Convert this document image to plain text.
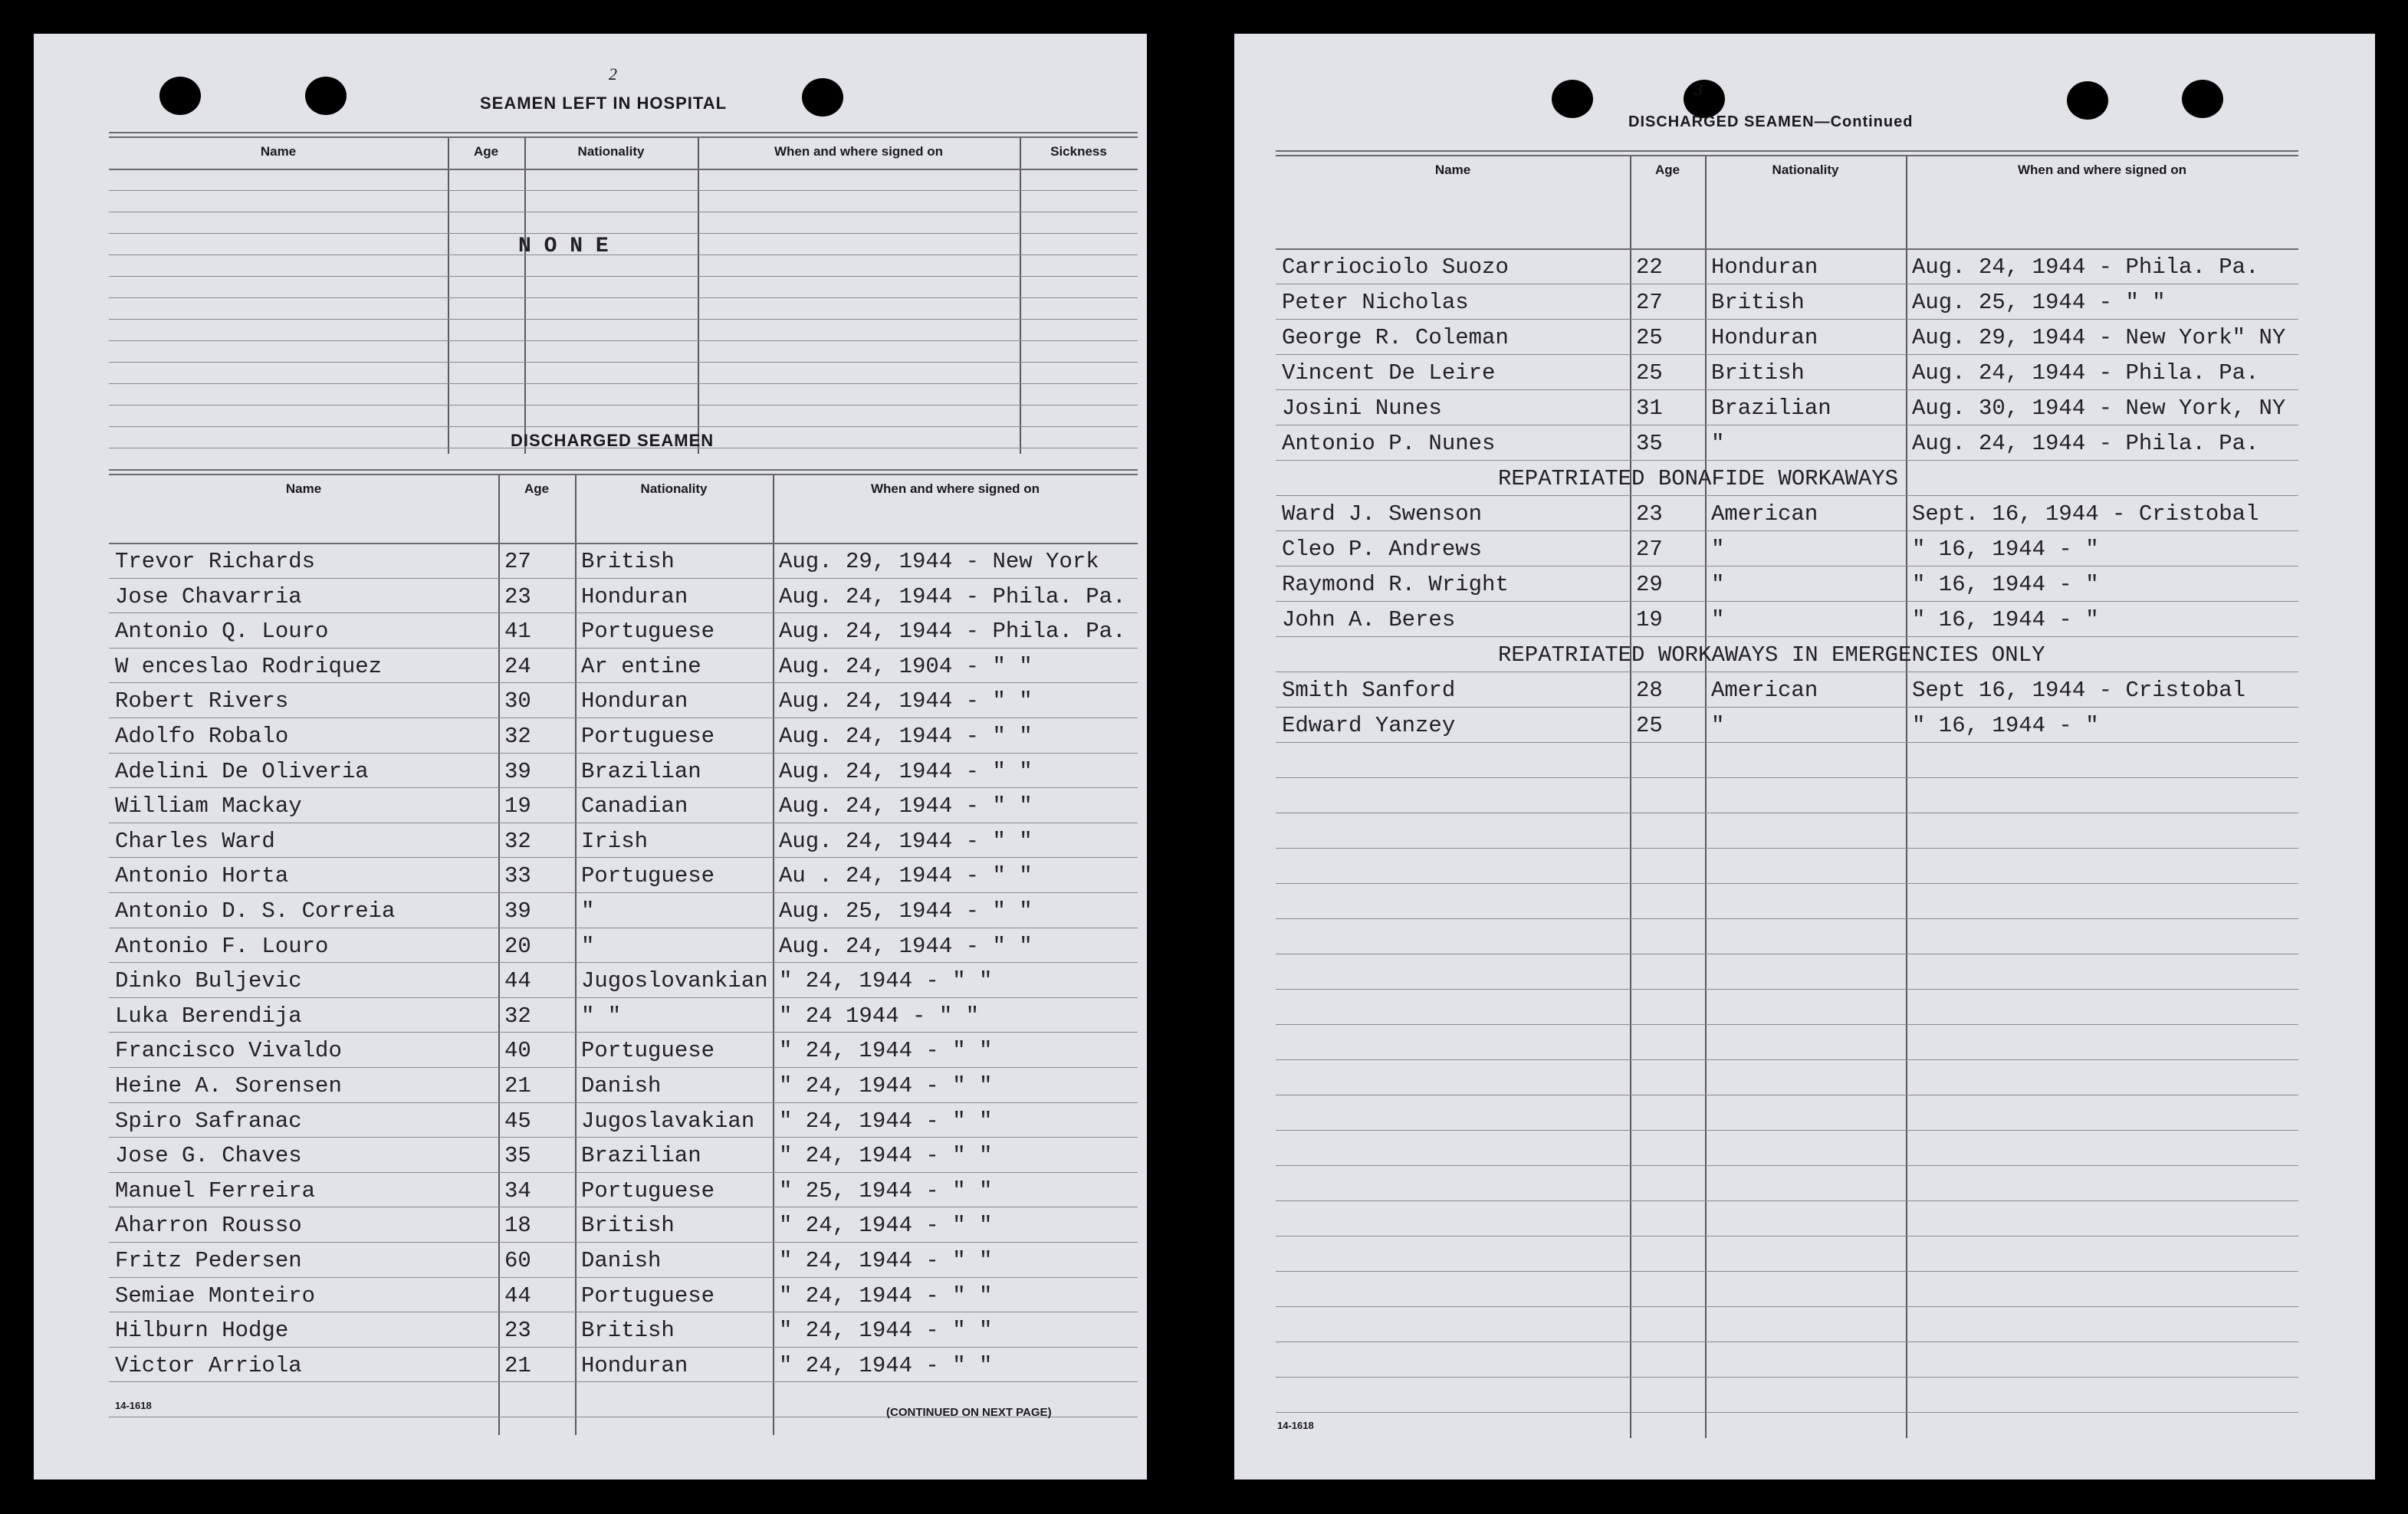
2
SEAMEN LEFT IN HOSPITAL
Name	Age	Nationality	When and where signed on	Sickness
N O N E
DISCHARGED SEAMEN
Name	Age	Nationality	When and where signed on
Trevor Richards	27 British	Aug. 29, 1944 - New York
Jose Chavarria	23 Honduran	Aug. 24, 1944 - Phila. Pa.
Antonio Q. Louro	41 Portuguese	Aug. 24, 1944 - Phila. Pa.
W enceslao Rodriquez	24 Ar entine	Aug. 24, 1904 - " "
Robert Rivers	30 Honduran	Aug. 24, 1944 - " "
Adolfo Robalo	32 Portuguese	Aug. 24, 1944 - " "
Adelini De Oliveria	39 Brazilian	Aug. 24, 1944 - " "
William Mackay	19 Canadian	Aug. 24, 1944 - " "
Charles Ward	32 Irish	Aug. 24, 1944 - " "
Antonio Horta	33 Portuguese	Au . 24, 1944 - " "
Antonio D. S. Correia	39 "	Aug. 25, 1944 - " "
Antonio F. Louro	20 "	Aug. 24, 1944 - " "
Dinko Buljevic	44 Jugoslovankian " 24, 1944 - " "
Luka Berendija	32 " "	" 24 1944 - " "
Francisco Vivaldo	40 Portuguese	" 24, 1944 - " "
Heine A. Sorensen	21 Danish	" 24, 1944 - " "
Spiro Safranac	45 Jugoslavakian " 24, 1944 - " "
Jose G. Chaves	35 Brazilian	" 24, 1944 - " "
Manuel Ferreira	34 Portuguese	" 25, 1944 - " "
Aharron Rousso	18 British	" 24, 1944 - " "
Fritz Pedersen	60 Danish	" 24, 1944 - " "
Semiae Monteiro	44 Portuguese	" 24, 1944 - " "
Hilburn Hodge	23 British	" 24, 1944 - " "
Victor Arriola	21 Honduran	" 24, 1944 - " "
14-1618
(CONTINUED ON NEXT PAGE)
3
DISCHARGED SEAMEN—Continued
Name	Age	Nationality	When and where signed on
Carriociolo Suozo	22 Honduran	Aug. 24, 1944 - Phila. Pa.
Peter Nicholas	27 British	Aug. 25, 1944 - " "
George R. Coleman	25 Honduran	Aug. 29, 1944 - New York" NY
Vincent De Leire	25 British	Aug. 24, 1944 - Phila. Pa.
Josini Nunes	31 Brazilian	Aug. 30, 1944 - New York, NY
Antonio P. Nunes	35 "	Aug. 24, 1944 - Phila. Pa.
REPATRIATED BONAFIDE WORKAWAYS
Ward J. Swenson	23 American	Sept. 16, 1944 - Cristobal
Cleo P. Andrews	27 "	" 16, 1944 - "
Raymond R. Wright	29 "	" 16, 1944 - "
John A. Beres	19 "	" 16, 1944 - "
REPATRIATED WORKAWAYS IN EMERGENCIES ONLY
Smith Sanford	28 American	Sept 16, 1944 - Cristobal
Edward Yanzey	25 "	" 16, 1944 - "
14-1618
